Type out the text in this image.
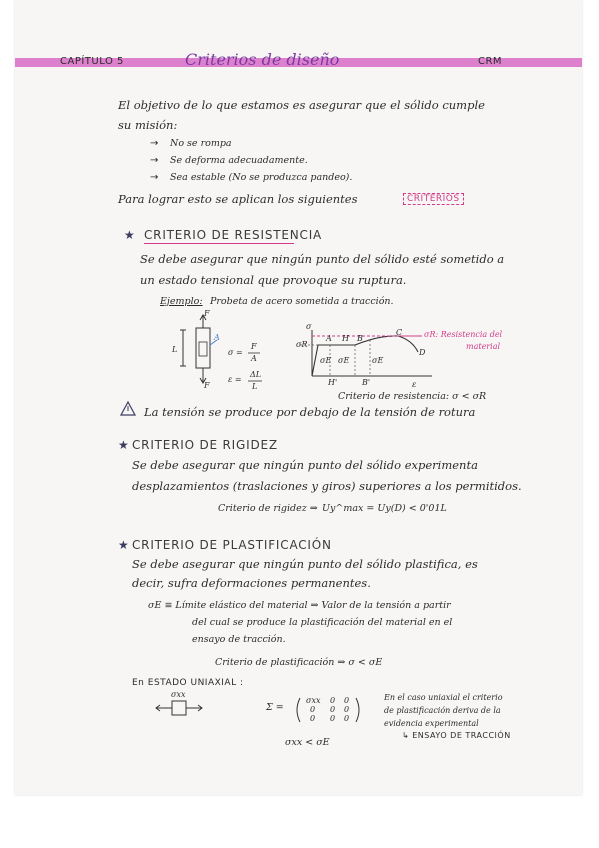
CAPÍTULO 5	Criterios de diseño	CRM
El objetivo de lo que estamos es asegurar que el sólido cumple
su misión:
→ No se rompa
→ Se deforma adecuadamente.
→ Sea estable (No se produzca pandeo).
Para lograr esto se aplican los siguientes	CRITERIOS
★ CRITERIO DE RESISTENCIA
Se debe asegurar que ningún punto del sólido esté sometido a
un estado tensional que provoque su ruptura.
Ejemplo: Probeta de acero sometida a tracción.
F
F
L
A
σ =
F
A
ε =
ΔL
L
σ
ε
σR
σR: Resistencia del
material
A H B
C
D
σE σE	σE
H'	B'
Criterio de resistencia: σ < σR
La tensión se produce por debajo de la tensión de rotura
★ CRITERIO DE RIGIDEZ
Se debe asegurar que ningún punto del sólido experimenta
desplazamientos (traslaciones y giros) superiores a los permitidos.
Criterio de rigidez ⇒ Uy^max = Uy(D) < 0'01L
★ CRITERIO DE PLASTIFICACIÓN
Se debe asegurar que ningún punto del sólido plastifica, es
decir, sufra deformaciones permanentes.
σE ≡ Límite elástico del material ⇒ Valor de la tensión a partir
del cual se produce la plastificación del material en el
ensayo de tracción.
Criterio de plastificación ⇒ σ < σE
En ESTADO UNIAXIAL :
σxx
Σ =
σxx 0 0
0 0 0
0 0 0
σxx < σE
En el caso uniaxial el criterio
de plastificación deriva de la
evidencia experimental
↳ ENSAYO DE TRACCIÓN
